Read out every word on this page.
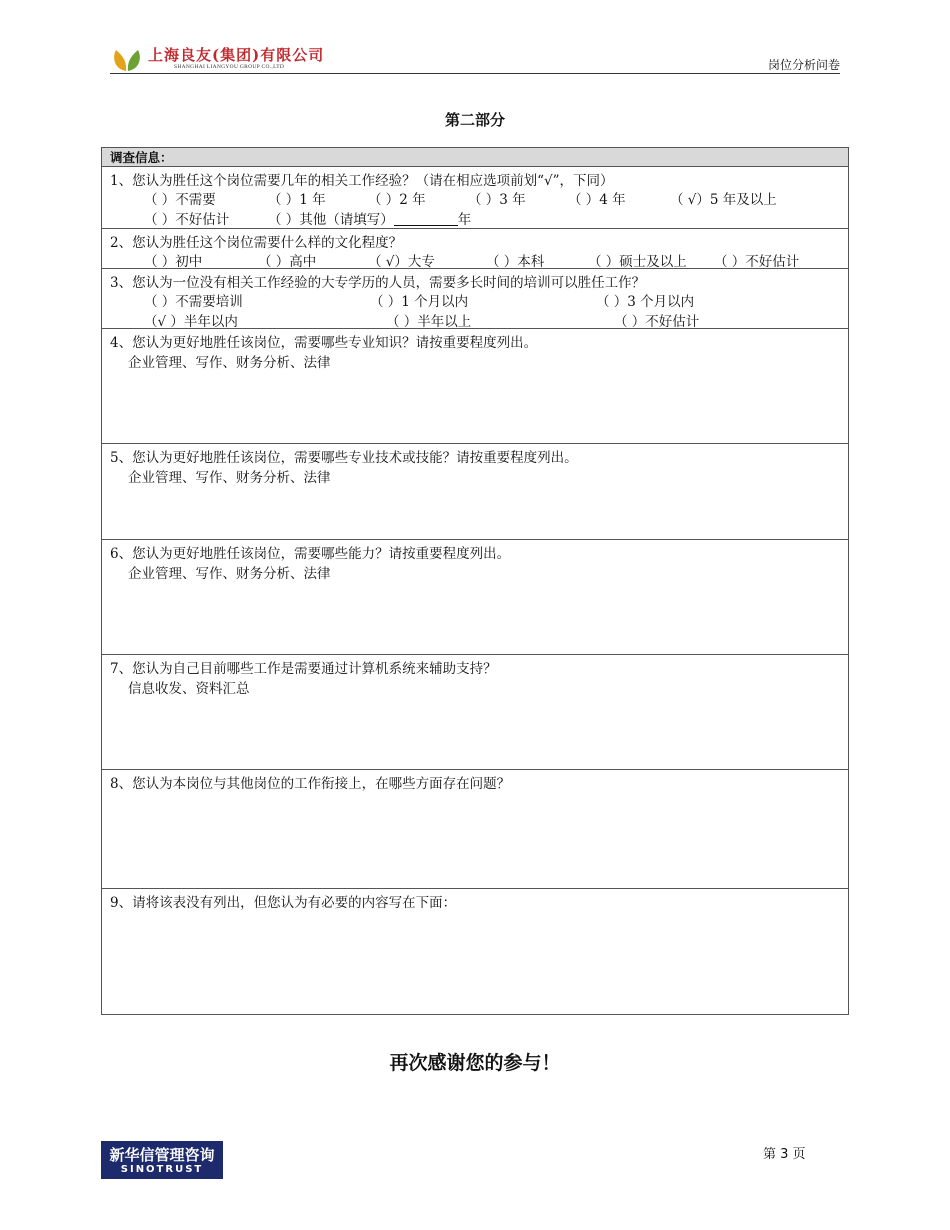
上海良友(集团)有限公司
SHANGHAI LIANGYOU GROUP CO.,LTD	岗位分析问卷
第二部分
调查信息：
1、您认为胜任这个岗位需要几年的相关工作经验？（请在相应选项前划“√”，下同）
（ ）不需要	（ ）1 年	（ ）2 年	（ ）3 年	（ ）4 年	（ √）5 年及以上
（ ）不好估计	（ ）其他（请填写）	年
2、您认为胜任这个岗位需要什么样的文化程度？
（ ）初中	（ ）高中	（ √）大专	（ ）本科	（ ）硕士及以上 （ ）不好估计
3、您认为一位没有相关工作经验的大专学历的人员，需要多长时间的培训可以胜任工作？
（ ）不需要培训	（ ）1 个月以内	（ ）3 个月以内
（√ ）半年以内	（ ）半年以上	（ ）不好估计
4、您认为更好地胜任该岗位，需要哪些专业知识？请按重要程度列出。
企业管理、写作、财务分析、法律
5、您认为更好地胜任该岗位，需要哪些专业技术或技能？请按重要程度列出。
企业管理、写作、财务分析、法律
6、您认为更好地胜任该岗位，需要哪些能力？请按重要程度列出。
企业管理、写作、财务分析、法律
7、您认为自己目前哪些工作是需要通过计算机系统来辅助支持？
信息收发、资料汇总
8、您认为本岗位与其他岗位的工作衔接上，在哪些方面存在问题？
9、请将该表没有列出，但您认为有必要的内容写在下面：
再次感谢您的参与！
新华信管理咨询
SINOTRUST
第 3 页
